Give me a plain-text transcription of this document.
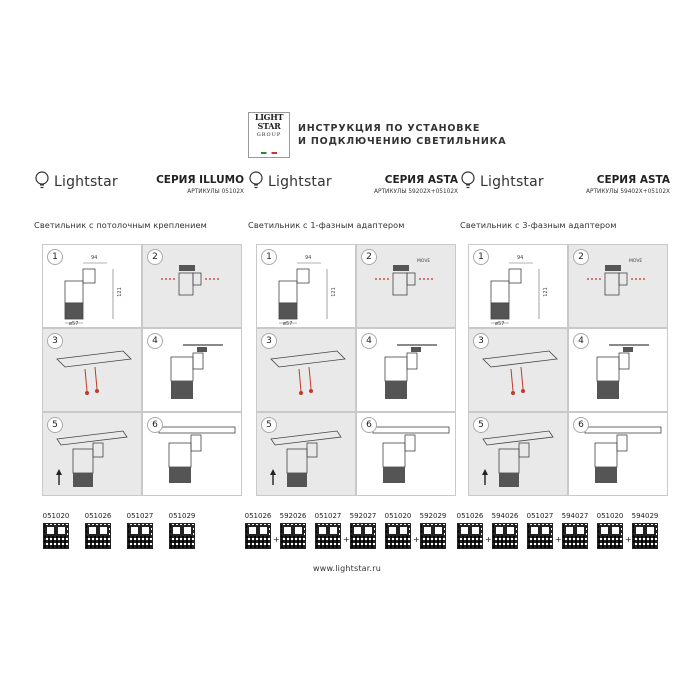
LIGHT
STAR
GROUP
ИНСТРУКЦИЯ ПО УСТАНОВКЕ
И ПОДКЛЮЧЕНИЮ СВЕТИЛЬНИКА
Lightstar	СЕРИЯ ILLUMO
АРТИКУЛЫ 05102X
Светильник с потолочным креплением
1	94
121
ø57
2
3	4
5	6
051020	051026	051027	051029
Lightstar	СЕРИЯ ASTA
АРТИКУЛЫ 59202X+05102X
Светильник с 1-фазным адаптером
1	94
121
ø57
2	MOVE
3	4
5	6
051026
+
592026	051027
+
592027	051020
+
592029
Lightstar	СЕРИЯ ASTA
АРТИКУЛЫ 59402X+05102X
Светильник с 3-фазным адаптером
1	94
121
ø57
2	MOVE
3	4
5	6
051026
+
594026	051027
+
594027	051020
+
594029
www.lightstar.ru
